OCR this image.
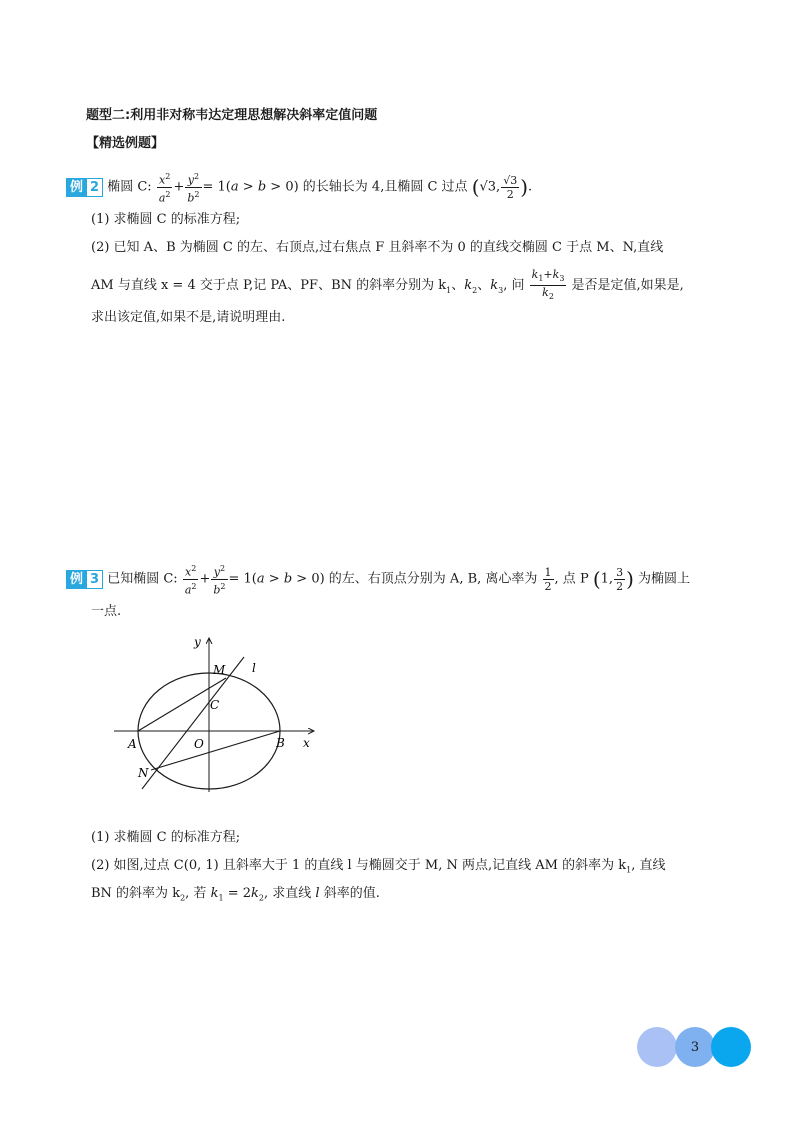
题型二:利用非对称韦达定理思想解决斜率定值问题
【精选例题】
例 2 椭圆 C: $\frac{x^2}{a^2} + \frac{y^2}{b^2} = 1(a > b > 0)$ 的长轴长为 4,且椭圆 C 过点 (√3, $\frac{√3}{2}$ ).
(1) 求椭圆 C 的标准方程;
(2) 已知 A、B 为椭圆 C 的左、右顶点,过右焦点 F 且斜率不为 0 的直线交椭圆 C 于点 M、N,直线
AM 与直线 x = 4 交于点 P,记 PA、PF、BN 的斜率分别为 $k_1$、$k_2$、$k_3$, 问 $\frac{k_1+k_3}{k_2}$ 是否是定值,如果是,
求出该定值,如果不是,请说明理由.
例 3 已知椭圆 C: $\frac{x^2}{a^2} + \frac{y^2}{b^2} = 1(a > b > 0)$ 的左、右顶点分别为 A, B, 离心率为 $\frac{1}{2}$ , 点 P (1, $\frac{3}{2}$ ) 为椭圆上
一点.
y
x
M l
C
A	O	B
N
(1) 求椭圆 C 的标准方程;
(2) 如图,过点 C(0, 1) 且斜率大于 1 的直线 l 与椭圆交于 M, N 两点,记直线 AM 的斜率为 $k_1$, 直线
BN 的斜率为 $k_2$, 若 $k_1 = 2k_2$, 求直线 l 斜率的值.
3
